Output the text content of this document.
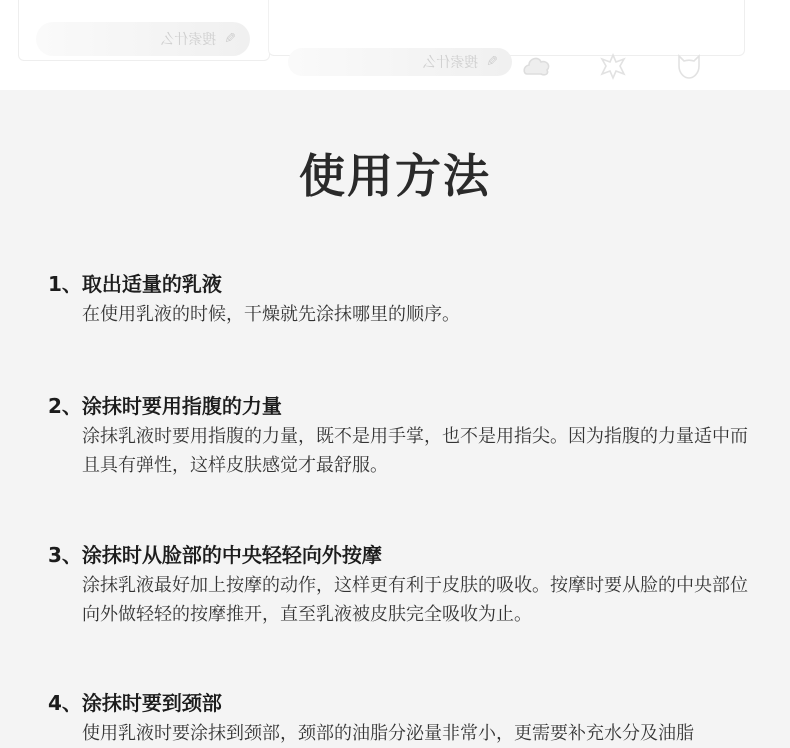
✎
搜索什么
✎
搜索什么
使用方法
1、取出适量的乳液
在使用乳液的时候，干燥就先涂抹哪里的顺序。
2、涂抹时要用指腹的力量
涂抹乳液时要用指腹的力量，既不是用手掌，也不是用指尖。因为指腹的力量适中而且具有弹性，这样皮肤感觉才最舒服。
3、涂抹时从脸部的中央轻轻向外按摩
涂抹乳液最好加上按摩的动作，这样更有利于皮肤的吸收。按摩时要从脸的中央部位向外做轻轻的按摩推开，直至乳液被皮肤完全吸收为止。
4、涂抹时要到颈部
使用乳液时要涂抹到颈部，颈部的油脂分泌量非常小，更需要补充水分及油脂
